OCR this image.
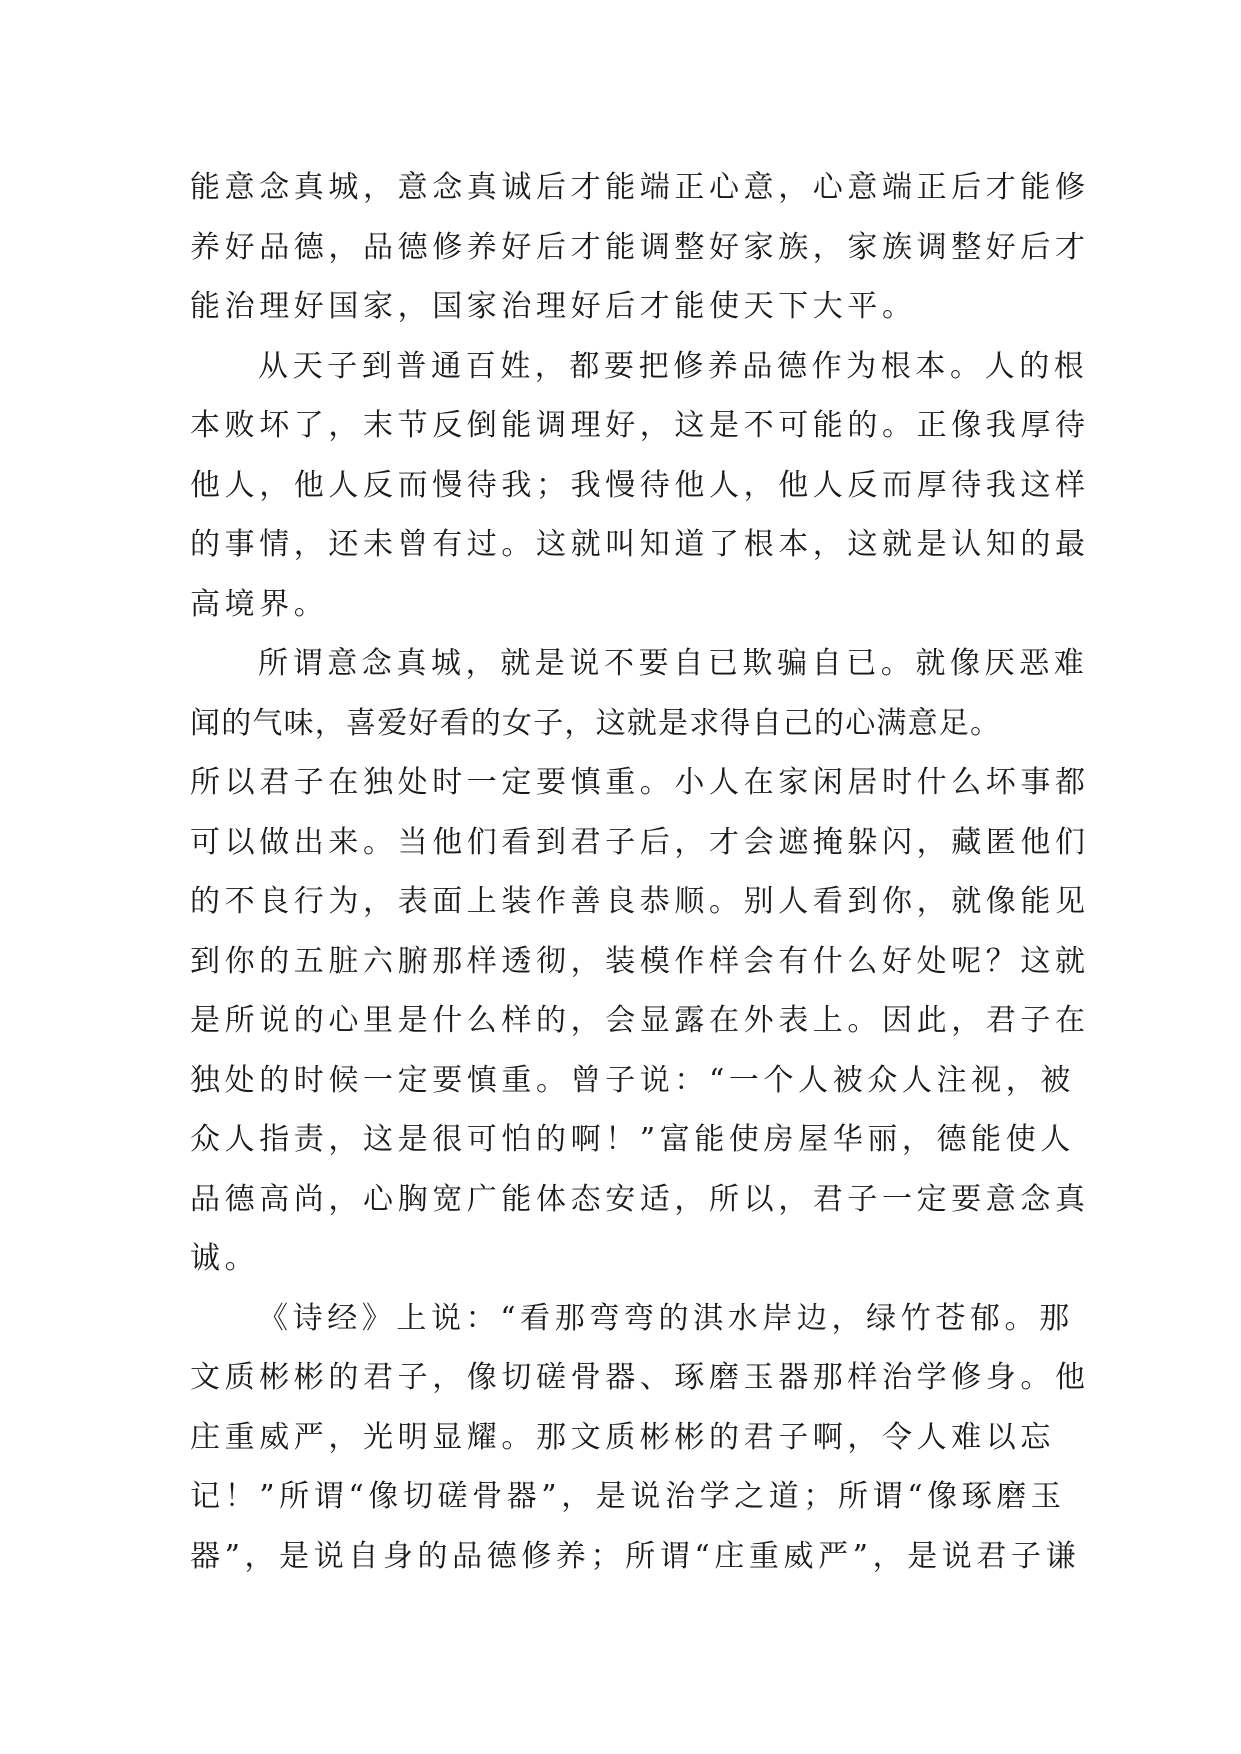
能意念真城，意念真诚后才能端正心意，心意端正后才能修
养好品德，品德修养好后才能调整好家族，家族调整好后才
能治理好国家，国家治理好后才能使天下大平。
从天子到普通百姓，都要把修养品德作为根本。人的根
本败坏了，末节反倒能调理好，这是不可能的。正像我厚待
他人，他人反而慢待我；我慢待他人，他人反而厚待我这样
的事情，还未曾有过。这就叫知道了根本，这就是认知的最
高境界。
所谓意念真城，就是说不要自已欺骗自已。就像厌恶难
闻的气味，喜爱好看的女子，这就是求得自己的心满意足。
所以君子在独处时一定要慎重。小人在家闲居时什么坏事都
可以做出来。当他们看到君子后，才会遮掩躲闪，藏匿他们
的不良行为，表面上装作善良恭顺。别人看到你，就像能见
到你的五脏六腑那样透彻，装模作样会有什么好处呢？这就
是所说的心里是什么样的，会显露在外表上。因此，君子在
独处的时候一定要慎重。曾子说：“一个人被众人注视，被
众人指责，这是很可怕的啊！”富能使房屋华丽，德能使人
品德高尚，心胸宽广能体态安适，所以，君子一定要意念真
诚。
《诗经》上说：“看那弯弯的淇水岸边，绿竹苍郁。那
文质彬彬的君子，像切磋骨器、琢磨玉器那样治学修身。他
庄重威严，光明显耀。那文质彬彬的君子啊，令人难以忘
记！”所谓“像切磋骨器”，是说治学之道；所谓“像琢磨玉
器”，是说自身的品德修养；所谓“庄重威严”，是说君子谦
